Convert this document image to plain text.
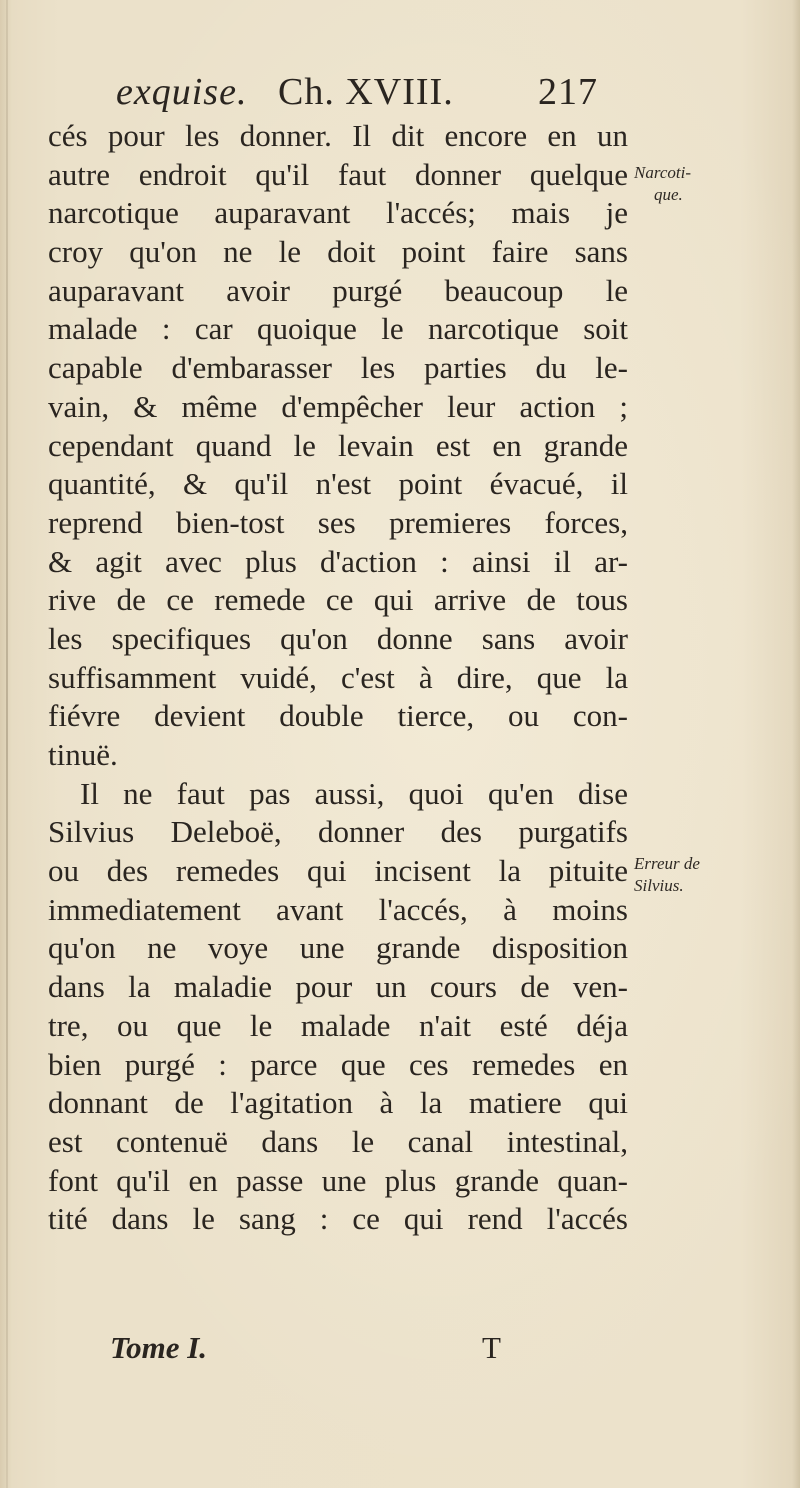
exquise. Ch. XVIII. 217
cés pour les donner. Il dit encore en un
autre endroit qu'il faut donner quelque
narcotique auparavant l'accés; mais je
croy qu'on ne le doit point faire sans
auparavant avoir purgé beaucoup le
malade : car quoique le narcotique soit
capable d'embarasser les parties du le-
vain, & même d'empêcher leur action ;
cependant quand le levain est en grande
quantité, & qu'il n'est point évacué, il
reprend bien-tost ses premieres forces,
& agit avec plus d'action : ainsi il ar-
rive de ce remede ce qui arrive de tous
les specifiques qu'on donne sans avoir
suffisamment vuidé, c'est à dire, que la
fiévre devient double tierce, ou con-
tinuë.
Il ne faut pas aussi, quoi qu'en dise
Silvius Deleboë, donner des purgatifs
ou des remedes qui incisent la pituite
immediatement avant l'accés, à moins
qu'on ne voye une grande disposition
dans la maladie pour un cours de ven-
tre, ou que le malade n'ait esté déja
bien purgé : parce que ces remedes en
donnant de l'agitation à la matiere qui
est contenuë dans le canal intestinal,
font qu'il en passe une plus grande quan-
tité dans le sang : ce qui rend l'accés
Narcoti-
que.
Erreur de
Silvius.
Tome I.	T
